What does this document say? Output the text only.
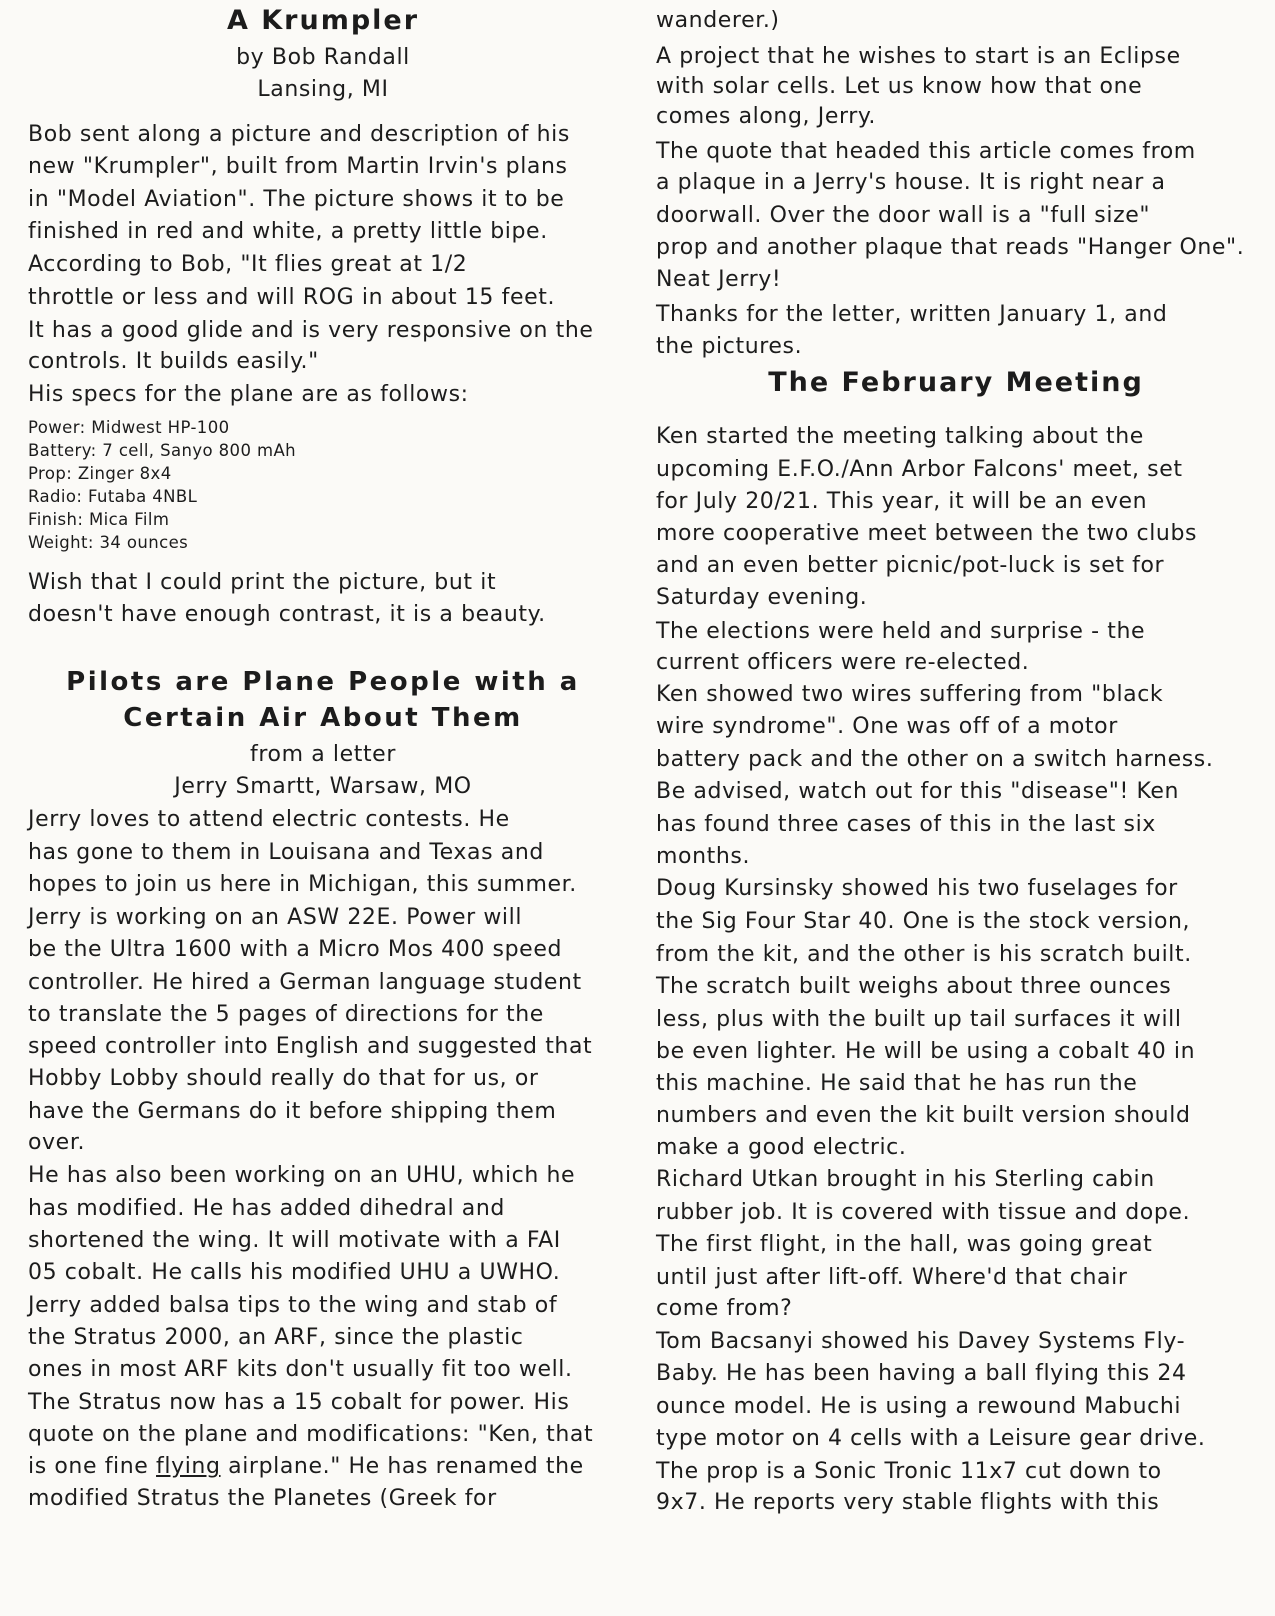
A Krumpler
by Bob Randall
Lansing, MI
Bob sent along a picture and description of his
new "Krumpler", built from Martin Irvin's plans
in "Model Aviation". The picture shows it to be
finished in red and white, a pretty little bipe.
According to Bob, "It flies great at 1/2
throttle or less and will ROG in about 15 feet.
It has a good glide and is very responsive on the
controls. It builds easily."
His specs for the plane are as follows:
Power: Midwest HP-100
Battery: 7 cell, Sanyo 800 mAh
Prop: Zinger 8x4
Radio: Futaba 4NBL
Finish: Mica Film
Weight: 34 ounces
Wish that I could print the picture, but it
doesn't have enough contrast, it is a beauty.
Pilots are Plane People with a
Certain Air About Them
from a letter
Jerry Smartt, Warsaw, MO
Jerry loves to attend electric contests. He
has gone to them in Louisana and Texas and
hopes to join us here in Michigan, this summer.
Jerry is working on an ASW 22E. Power will
be the Ultra 1600 with a Micro Mos 400 speed
controller. He hired a German language student
to translate the 5 pages of directions for the
speed controller into English and suggested that
Hobby Lobby should really do that for us, or
have the Germans do it before shipping them
over.
He has also been working on an UHU, which he
has modified. He has added dihedral and
shortened the wing. It will motivate with a FAI
05 cobalt. He calls his modified UHU a UWHO.
Jerry added balsa tips to the wing and stab of
the Stratus 2000, an ARF, since the plastic
ones in most ARF kits don't usually fit too well.
The Stratus now has a 15 cobalt for power. His
quote on the plane and modifications: "Ken, that
modified Stratus the Planetes (Greek for
is one fine flying airplane." He has renamed the
wanderer.)
A project that he wishes to start is an Eclipse
with solar cells. Let us know how that one
comes along, Jerry.
The quote that headed this article comes from
a plaque in a Jerry's house. It is right near a
doorwall. Over the door wall is a "full size"
prop and another plaque that reads "Hanger One".
Neat Jerry!
Thanks for the letter, written January 1, and
the pictures.
The February Meeting
Ken started the meeting talking about the
upcoming E.F.O./Ann Arbor Falcons' meet, set
for July 20/21. This year, it will be an even
more cooperative meet between the two clubs
and an even better picnic/pot-luck is set for
Saturday evening.
The elections were held and surprise - the
current officers were re-elected.
Ken showed two wires suffering from "black
wire syndrome". One was off of a motor
battery pack and the other on a switch harness.
Be advised, watch out for this "disease"! Ken
has found three cases of this in the last six
months.
Doug Kursinsky showed his two fuselages for
the Sig Four Star 40. One is the stock version,
from the kit, and the other is his scratch built.
The scratch built weighs about three ounces
less, plus with the built up tail surfaces it will
be even lighter. He will be using a cobalt 40 in
this machine. He said that he has run the
numbers and even the kit built version should
make a good electric.
Richard Utkan brought in his Sterling cabin
rubber job. It is covered with tissue and dope.
The first flight, in the hall, was going great
until just after lift-off. Where'd that chair
come from?
Tom Bacsanyi showed his Davey Systems Fly-
Baby. He has been having a ball flying this 24
ounce model. He is using a rewound Mabuchi
type motor on 4 cells with a Leisure gear drive.
The prop is a Sonic Tronic 11x7 cut down to
9x7. He reports very stable flights with this
